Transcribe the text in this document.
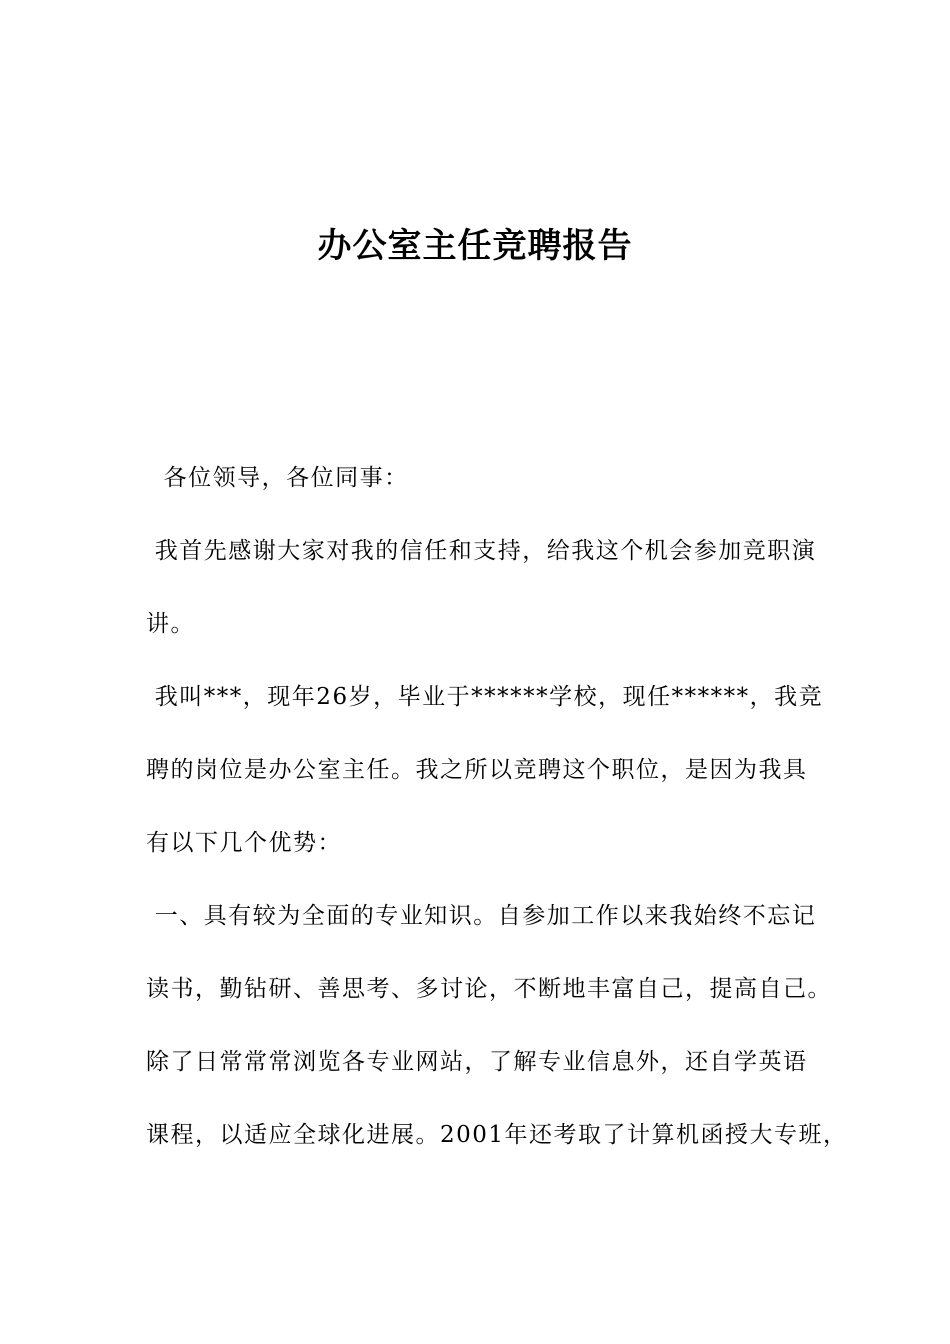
办公室主任竞聘报告
各位领导，各位同事：
我首先感谢大家对我的信任和支持，给我这个机会参加竞职演
讲。
我叫***，现年26岁，毕业于******学校，现任******，我竞
聘的岗位是办公室主任。我之所以竞聘这个职位，是因为我具
有以下几个优势：
一、具有较为全面的专业知识。自参加工作以来我始终不忘记
读书，勤钻研、善思考、多讨论，不断地丰富自己，提高自己。
除了日常常常浏览各专业网站，了解专业信息外，还自学英语
课程，以适应全球化进展。2001年还考取了计算机函授大专班，
